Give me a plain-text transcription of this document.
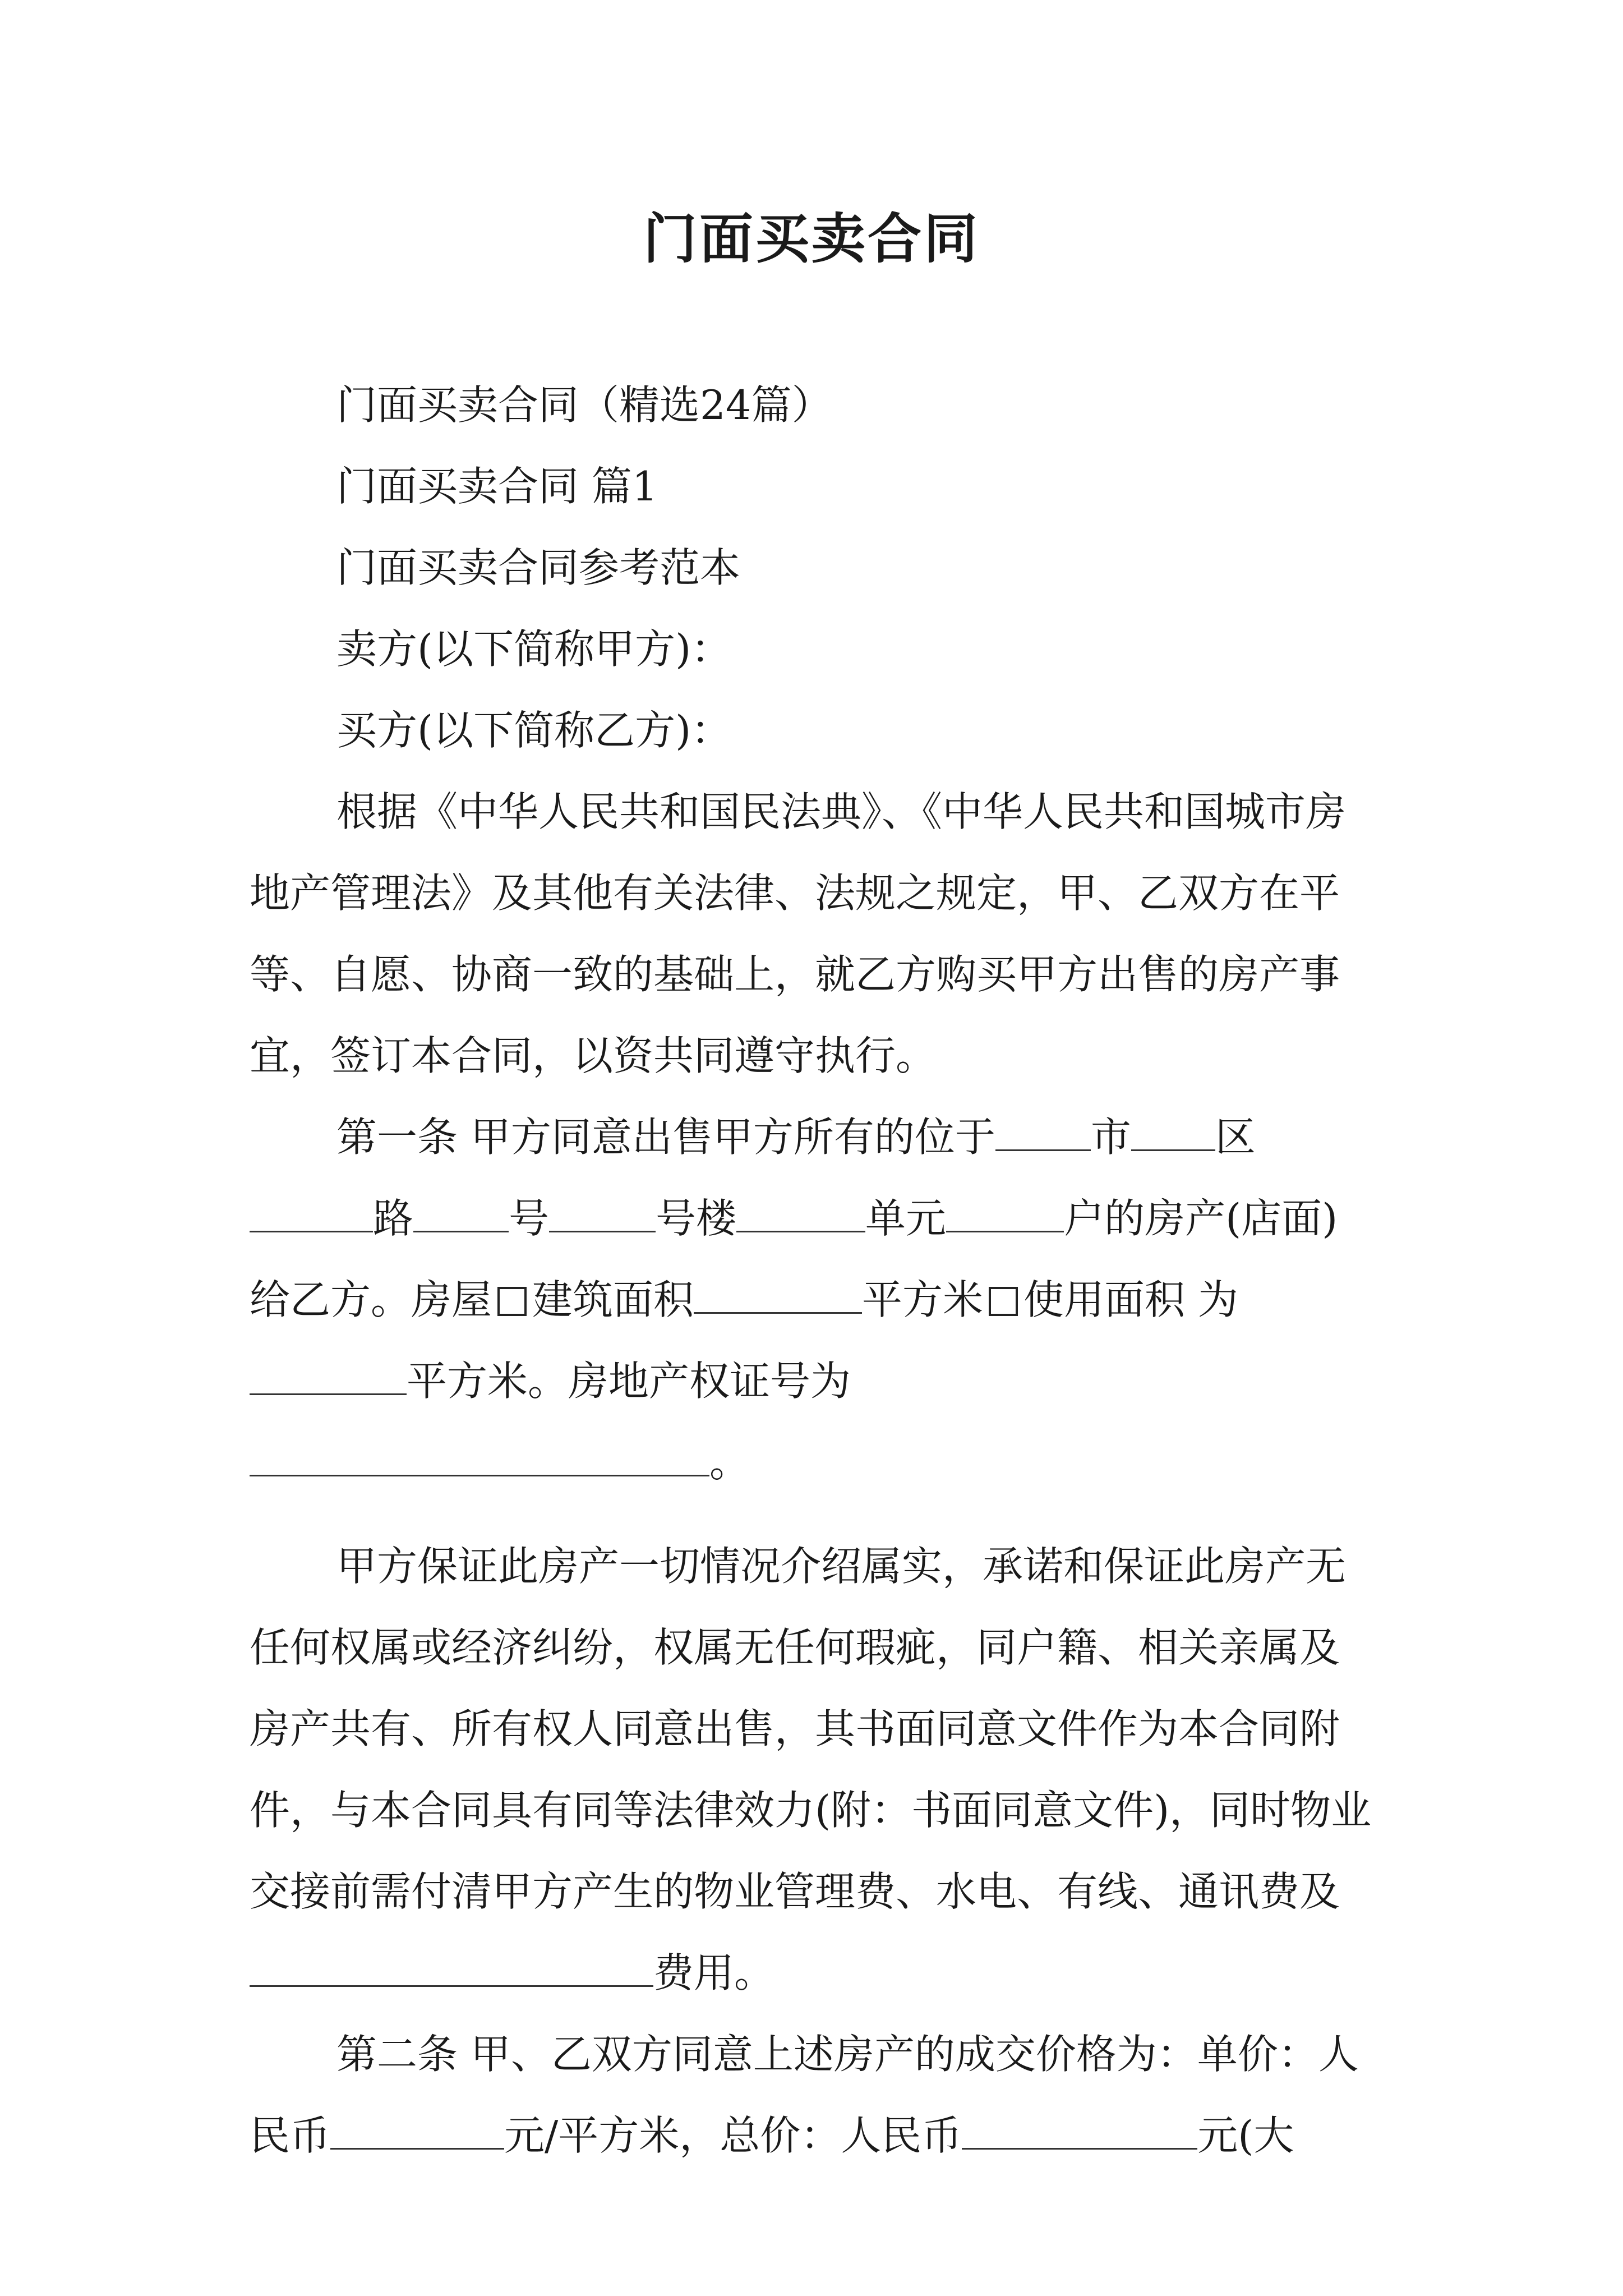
门面买卖合同

门面买卖合同（精选24篇）

门面买卖合同 篇1

门面买卖合同参考范本

卖方(以下简称甲方)：

买方(以下简称乙方)：

根据《中华人民共和国民法典》、《中华人民共和国城市房地产管理法》及其他有关法律、法规之规定，甲、乙双方在平等、自愿、协商一致的基础上，就乙方购买甲方出售的房产事宜，签订本合同，以资共同遵守执行。

第一条 甲方同意出售甲方所有的位于 市 区路 号	号楼	单元	户的房产(店面)给乙方。房屋 建筑面积	平方米 使用面积 为平方米。房地产权证号为
。

甲方保证此房产一切情况介绍属实，承诺和保证此房产无任何权属或经济纠纷，权属无任何瑕疵，同户籍、相关亲属及房产共有、所有权人同意出售，其书面同意文件作为本合同附件，与本合同具有同等法律效力(附：书面同意文件)，同时物业交接前需付清甲方产生的物业管理费、水电、有线、通讯费及费用。

第二条 甲、乙双方同意上述房产的成交价格为：单价：人民币	元/平方米，总价：人民币	元(大
